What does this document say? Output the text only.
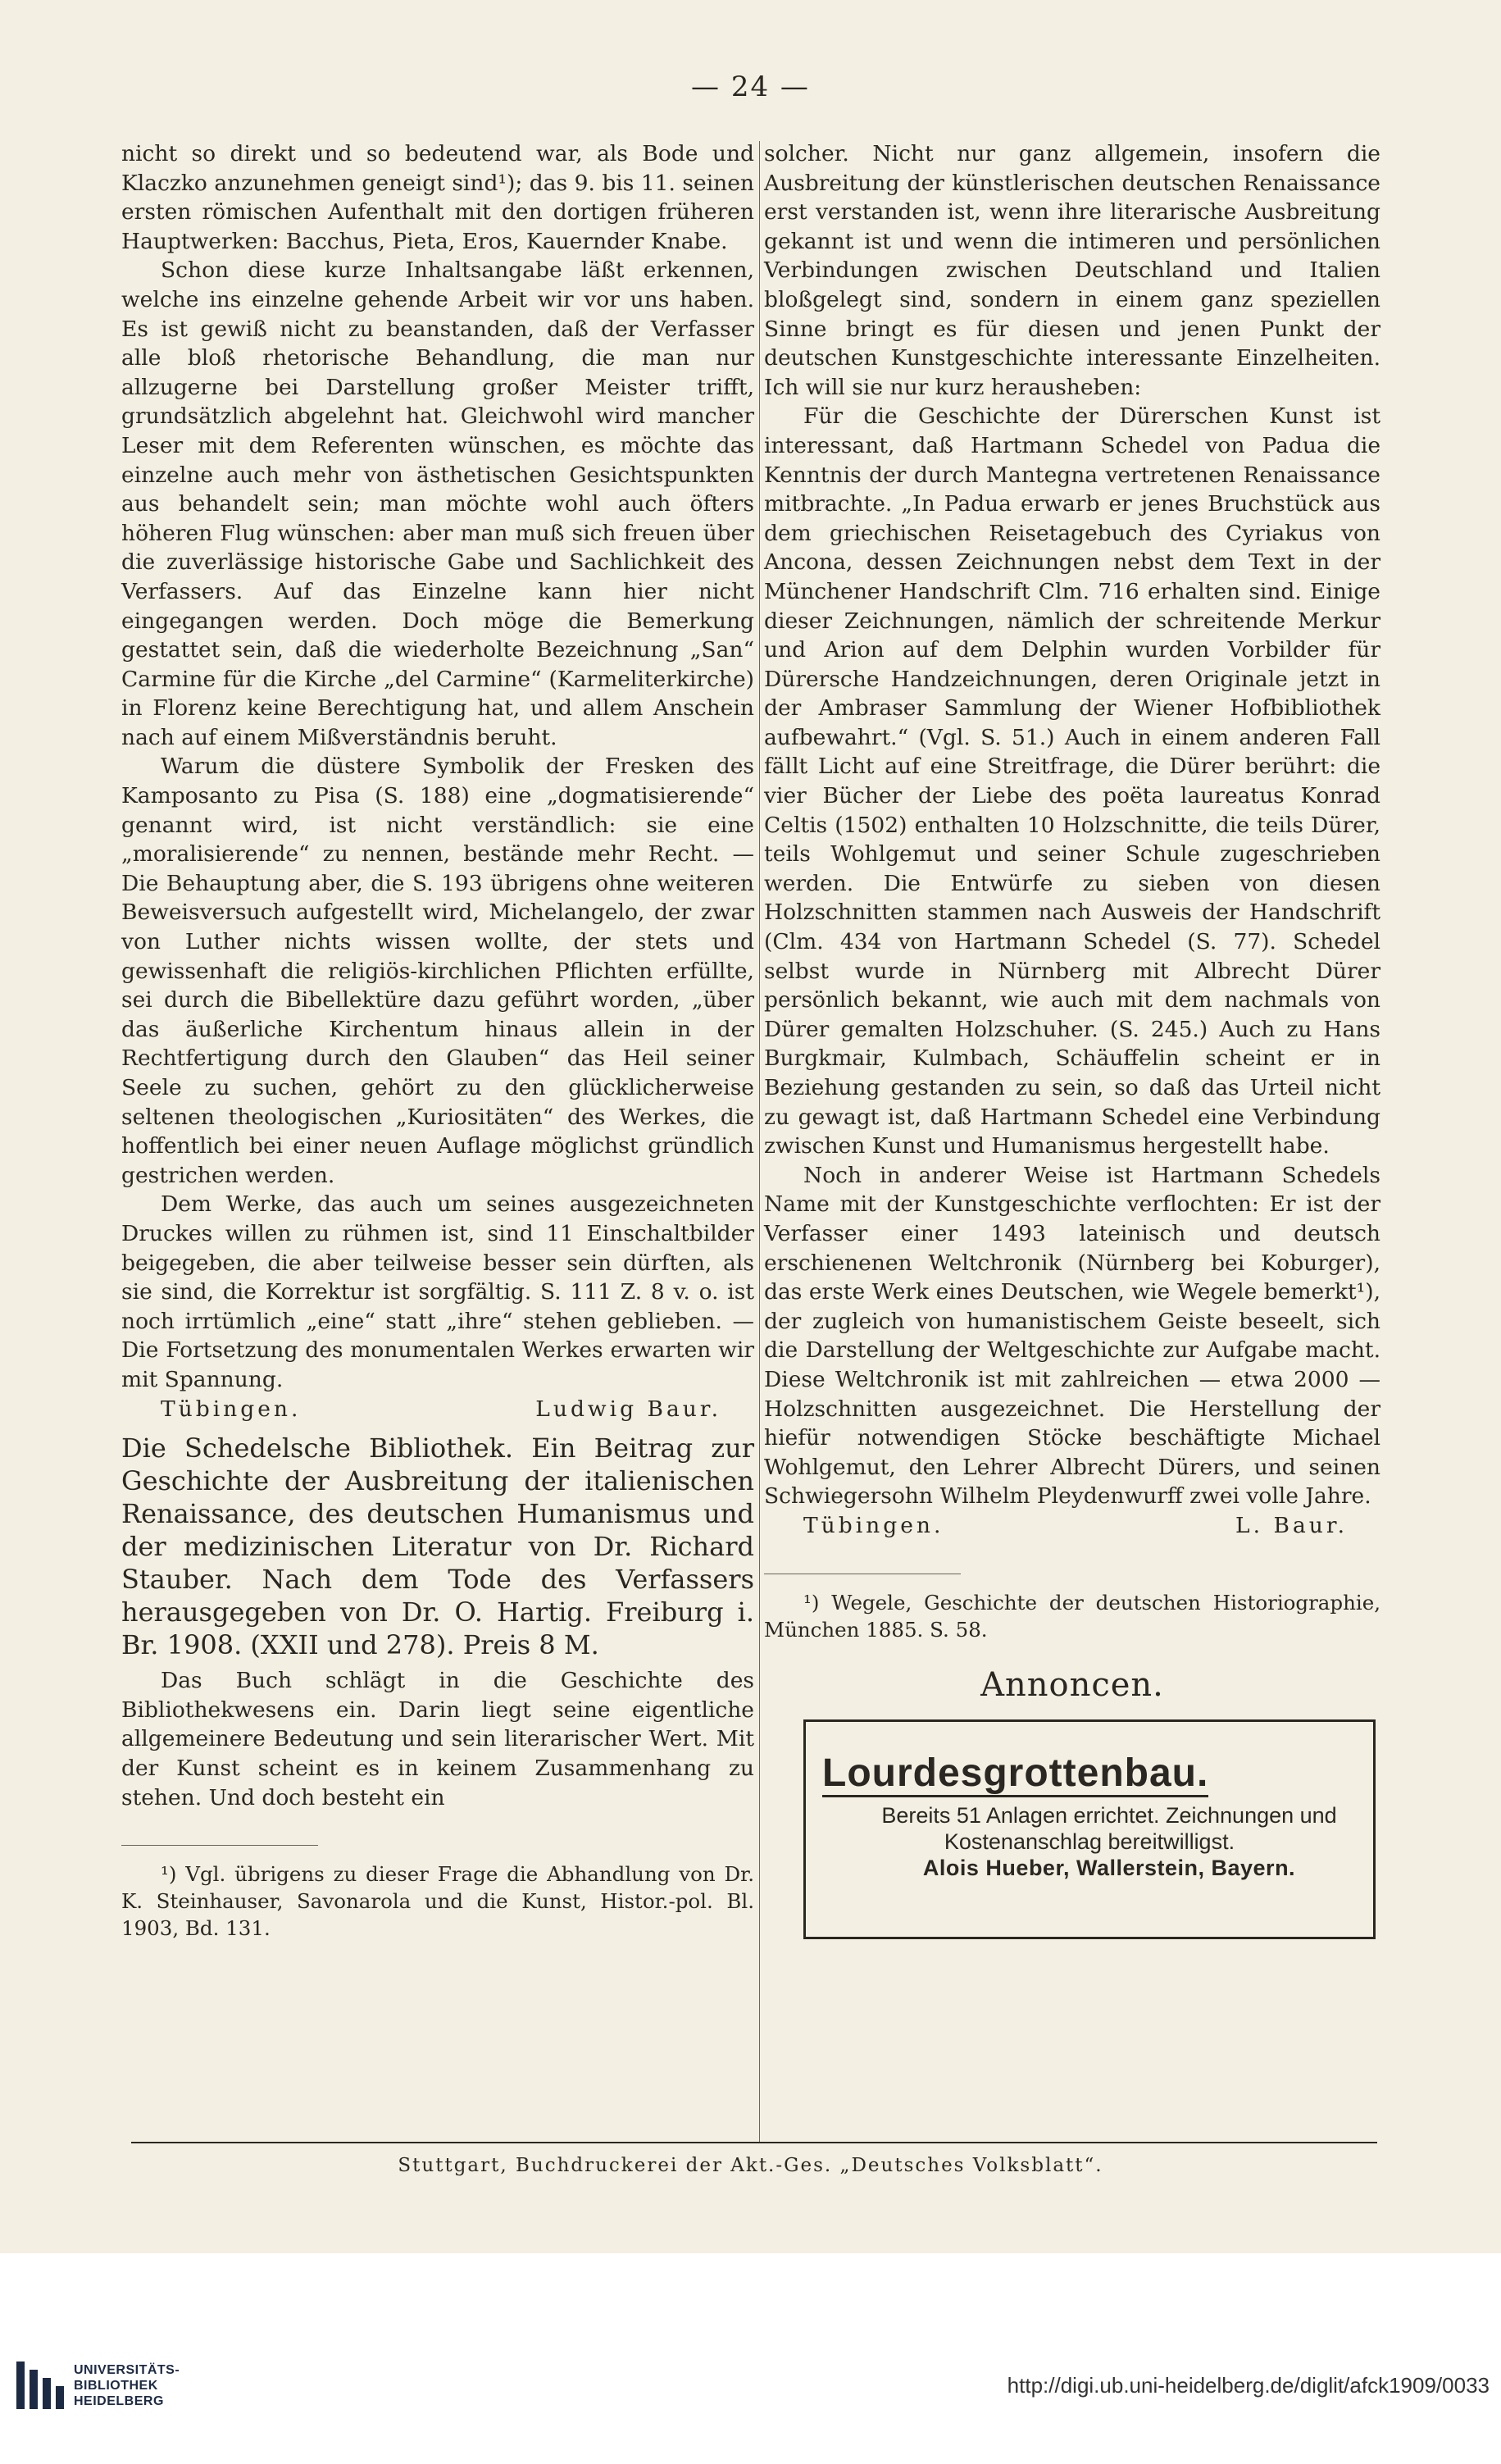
— 24 —

nicht so direkt und so bedeutend war, als Bode und Klaczko anzunehmen geneigt sind¹); das 9. bis 11. seinen ersten römischen Aufenthalt mit den dortigen früheren Hauptwerken: Bacchus, Pieta, Eros, Kauernder Knabe.

Schon diese kurze Inhaltsangabe läßt erkennen, welche ins einzelne gehende Arbeit wir vor uns haben. Es ist gewiß nicht zu beanstanden, daß der Verfasser alle bloß rhetorische Behandlung, die man nur allzugerne bei Darstellung großer Meister trifft, grundsätzlich abgelehnt hat. Gleichwohl wird mancher Leser mit dem Referenten wünschen, es möchte das einzelne auch mehr von ästhetischen Gesichtspunkten aus behandelt sein; man möchte wohl auch öfters höheren Flug wünschen: aber man muß sich freuen über die zuverlässige historische Gabe und Sachlichkeit des Verfassers. Auf das Einzelne kann hier nicht eingegangen werden. Doch möge die Bemerkung gestattet sein, daß die wiederholte Bezeichnung „San“ Carmine für die Kirche „del Carmine“ (Karmeliterkirche) in Florenz keine Berechtigung hat, und allem Anschein nach auf einem Mißverständnis beruht.

Warum die düstere Symbolik der Fresken des Kamposanto zu Pisa (S. 188) eine „dogmatisierende“ genannt wird, ist nicht verständlich: sie eine „moralisierende“ zu nennen, bestände mehr Recht. — Die Behauptung aber, die S. 193 übrigens ohne weiteren Beweisversuch aufgestellt wird, Michelangelo, der zwar von Luther nichts wissen wollte, der stets und gewissenhaft die religiös-kirchlichen Pflichten erfüllte, sei durch die Bibellektüre dazu geführt worden, „über das äußerliche Kirchentum hinaus allein in der Rechtfertigung durch den Glauben“ das Heil seiner Seele zu suchen, gehört zu den glücklicherweise seltenen theologischen „Kuriositäten“ des Werkes, die hoffentlich bei einer neuen Auflage möglichst gründlich gestrichen werden.

Dem Werke, das auch um seines ausgezeichneten Druckes willen zu rühmen ist, sind 11 Einschaltbilder beigegeben, die aber teilweise besser sein dürften, als sie sind, die Korrektur ist sorgfältig. S. 111 Z. 8 v. o. ist noch irrtümlich „eine“ statt „ihre“ stehen geblieben. — Die Fortsetzung des monumentalen Werkes erwarten wir mit Spannung.

Tübingen.	Ludwig Baur.

Die Schedelsche Bibliothek. Ein Beitrag zur Geschichte der Ausbreitung der italienischen Renaissance, des deutschen Humanismus und der medizinischen Literatur von Dr. Richard Stauber. Nach dem Tode des Verfassers herausgegeben von Dr. O. Hartig. Freiburg i. Br. 1908. (XXII und 278). Preis 8 M.

Das Buch schlägt in die Geschichte des Bibliothekwesens ein. Darin liegt seine eigentliche allgemeinere Bedeutung und sein literarischer Wert. Mit der Kunst scheint es in keinem Zusammenhang zu stehen. Und doch besteht ein

¹) Vgl. übrigens zu dieser Frage die Abhandlung von Dr. K. Steinhauser, Savonarola und die Kunst, Histor.-pol. Bl. 1903, Bd. 131.

solcher. Nicht nur ganz allgemein, insofern die Ausbreitung der künstlerischen deutschen Renaissance erst verstanden ist, wenn ihre literarische Ausbreitung gekannt ist und wenn die intimeren und persönlichen Verbindungen zwischen Deutschland und Italien bloßgelegt sind, sondern in einem ganz speziellen Sinne bringt es für diesen und jenen Punkt der deutschen Kunstgeschichte interessante Einzelheiten. Ich will sie nur kurz herausheben:

Für die Geschichte der Dürerschen Kunst ist interessant, daß Hartmann Schedel von Padua die Kenntnis der durch Mantegna vertretenen Renaissance mitbrachte. „In Padua erwarb er jenes Bruchstück aus dem griechischen Reisetagebuch des Cyriakus von Ancona, dessen Zeichnungen nebst dem Text in der Münchener Handschrift Clm. 716 erhalten sind. Einige dieser Zeichnungen, nämlich der schreitende Merkur und Arion auf dem Delphin wurden Vorbilder für Dürersche Handzeichnungen, deren Originale jetzt in der Ambraser Sammlung der Wiener Hofbibliothek aufbewahrt.“ (Vgl. S. 51.) Auch in einem anderen Fall fällt Licht auf eine Streitfrage, die Dürer berührt: die vier Bücher der Liebe des poëta laureatus Konrad Celtis (1502) enthalten 10 Holzschnitte, die teils Dürer, teils Wohlgemut und seiner Schule zugeschrieben werden. Die Entwürfe zu sieben von diesen Holzschnitten stammen nach Ausweis der Handschrift (Clm. 434 von Hartmann Schedel (S. 77). Schedel selbst wurde in Nürnberg mit Albrecht Dürer persönlich bekannt, wie auch mit dem nachmals von Dürer gemalten Holzschuher. (S. 245.) Auch zu Hans Burgkmair, Kulmbach, Schäuffelin scheint er in Beziehung gestanden zu sein, so daß das Urteil nicht zu gewagt ist, daß Hartmann Schedel eine Verbindung zwischen Kunst und Humanismus hergestellt habe.

Noch in anderer Weise ist Hartmann Schedels Name mit der Kunstgeschichte verflochten: Er ist der Verfasser einer 1493 lateinisch und deutsch erschienenen Weltchronik (Nürnberg bei Koburger), das erste Werk eines Deutschen, wie Wegele bemerkt¹), der zugleich von humanistischem Geiste beseelt, sich die Darstellung der Weltgeschichte zur Aufgabe macht. Diese Weltchronik ist mit zahlreichen — etwa 2000 — Holzschnitten ausgezeichnet. Die Herstellung der hiefür notwendigen Stöcke beschäftigte Michael Wohlgemut, den Lehrer Albrecht Dürers, und seinen Schwiegersohn Wilhelm Pleydenwurff zwei volle Jahre.

Tübingen.	L. Baur.

¹) Wegele, Geschichte der deutschen Historiographie, München 1885. S. 58.

Annoncen.
Lourdesgrottenbau.

Bereits 51 Anlagen errichtet. Zeichnungen und Kostenanschlag bereitwilligst.

Alois Hueber, Wallerstein, Bayern.

Stuttgart, Buchdruckerei der Akt.-Ges. „Deutsches Volksblatt“.
UNIVERSITÄTS-
BIBLIOTHEK
HEIDELBERG
http://digi.ub.uni-heidelberg.de/diglit/afck1909/0033
